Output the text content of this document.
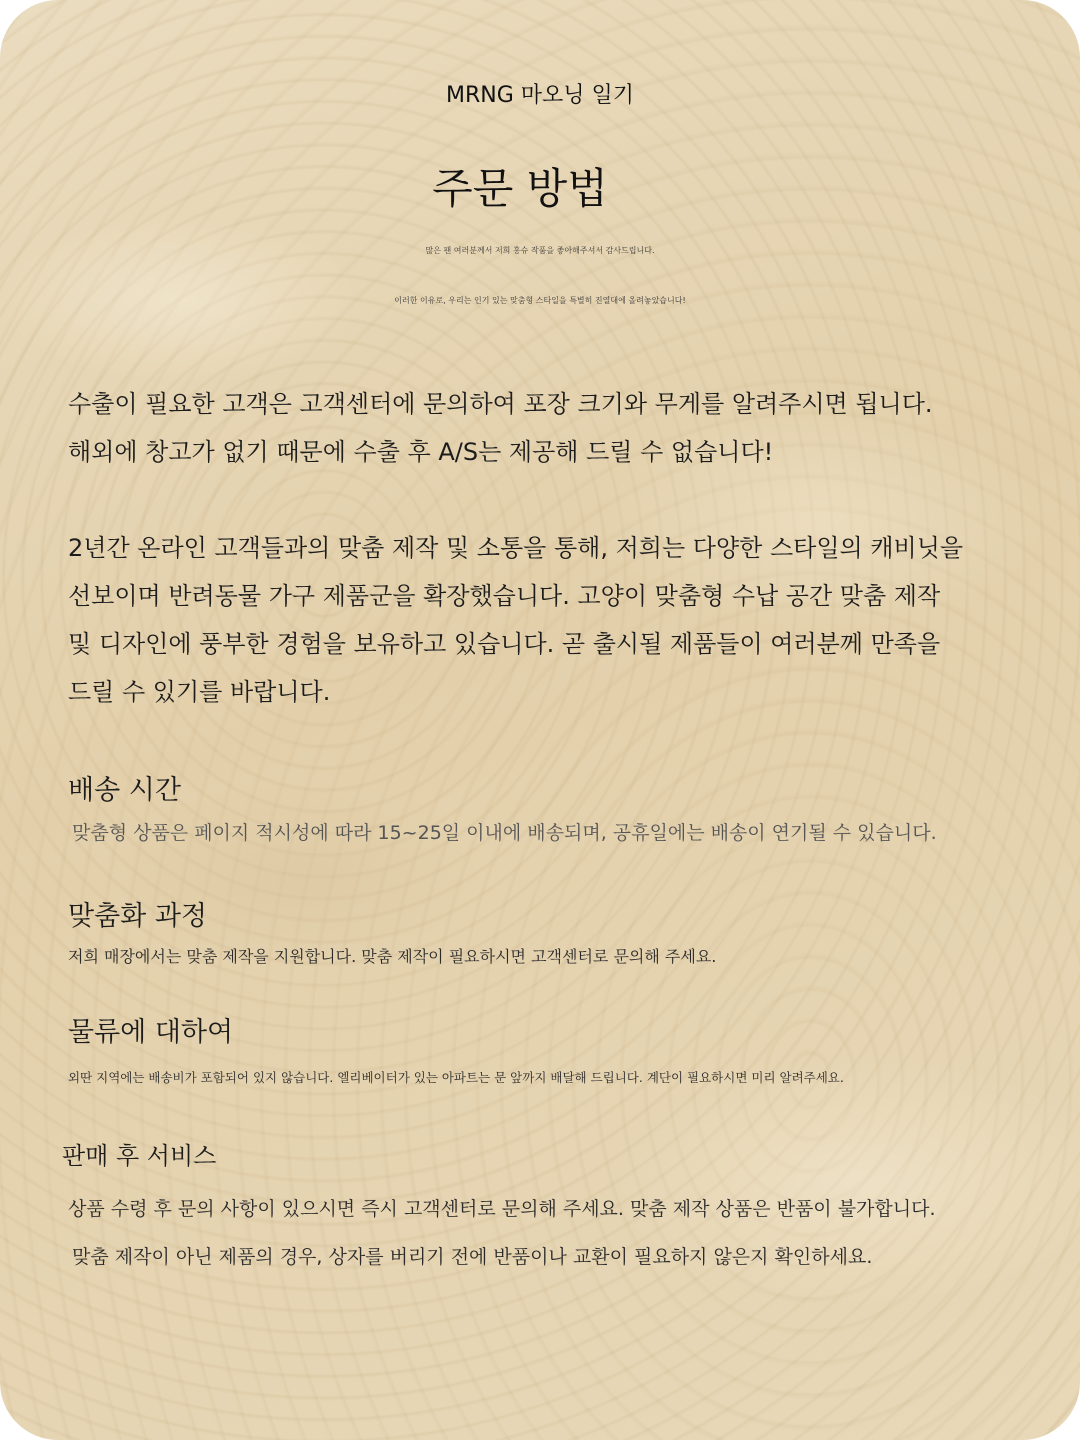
MRNG 마오닝 일기
주문 방법

많은 팬 여러분께서 저희 홍슈 작품을 좋아해주셔서 감사드립니다.

이러한 이유로, 우리는 인기 있는 맞춤형 스타일을 특별히 진열대에 올려놓았습니다!

수출이 필요한 고객은 고객센터에 문의하여 포장 크기와 무게를 알려주시면 됩니다.

해외에 창고가 없기 때문에 수출 후 A/S는 제공해 드릴 수 없습니다!

2년간 온라인 고객들과의 맞춤 제작 및 소통을 통해, 저희는 다양한 스타일의 캐비닛을

선보이며 반려동물 가구 제품군을 확장했습니다. 고양이 맞춤형 수납 공간 맞춤 제작

및 디자인에 풍부한 경험을 보유하고 있습니다. 곧 출시될 제품들이 여러분께 만족을

드릴 수 있기를 바랍니다.

배송 시간

맞춤형 상품은 페이지 적시성에 따라 15~25일 이내에 배송되며, 공휴일에는 배송이 연기될 수 있습니다.

맞춤화 과정

저희 매장에서는 맞춤 제작을 지원합니다. 맞춤 제작이 필요하시면 고객센터로 문의해 주세요.

물류에 대하여

외딴 지역에는 배송비가 포함되어 있지 않습니다. 엘리베이터가 있는 아파트는 문 앞까지 배달해 드립니다. 계단이 필요하시면 미리 알려주세요.

판매 후 서비스

상품 수령 후 문의 사항이 있으시면 즉시 고객센터로 문의해 주세요. 맞춤 제작 상품은 반품이 불가합니다.

맞춤 제작이 아닌 제품의 경우, 상자를 버리기 전에 반품이나 교환이 필요하지 않은지 확인하세요.
